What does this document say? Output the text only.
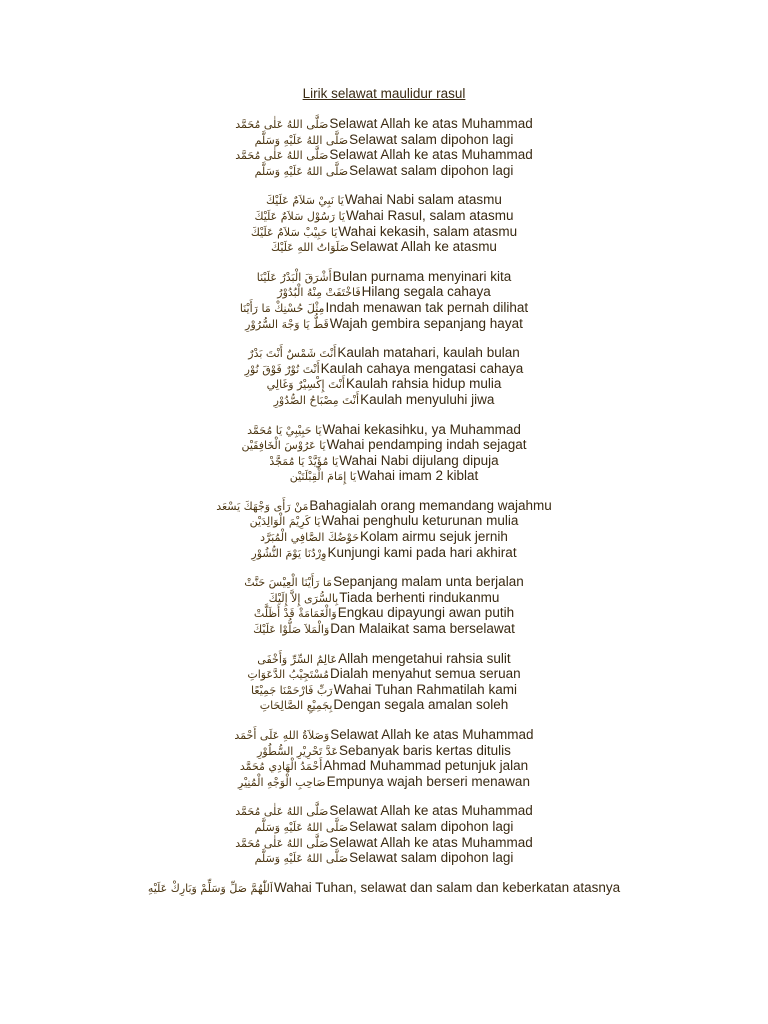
Lirik selawat maulidur rasul
صَلَّى اللهُ عَلٰى مُحَمَّد Selawat Allah ke atas Muhammad
صَلَّى اللهُ عَلَيْهِ وَسَلَّم Selawat salam dipohon lagi
صَلَّى اللهُ عَلٰى مُحَمَّد Selawat Allah ke atas Muhammad
صَلَّى اللهُ عَلَيْهِ وَسَلَّم Selawat salam dipohon lagi
يَا نَبِيْ سَلاَمٌ عَلَيْكَ Wahai Nabi salam atasmu
يَا رَسُوْل سَلاَمٌ عَلَيْكَ Wahai Rasul, salam atasmu
يَا حَبِيْبْ سَلاَمٌ عَلَيْكَ Wahai kekasih, salam atasmu
صَلَوَاتُ اللهِ عَلَيْكَ Selawat Allah ke atasmu
أَشْرَقَ الْبَدْرُ عَلَيْنَا Bulan purnama menyinari kita
فَاخْتَفَتْ مِنْهُ الْبُدُوْرُ Hilang segala cahaya
مِثْلَ حُسْنِكْ مَا رَأَيْنَا Indah menawan tak pernah dilihat
قَطُّ يَا وَجْهَ السُّرُوْرِ Wajah gembira sepanjang hayat
أَنْتَ شَمْسٌ أَنْتَ بَدْرٌ Kaulah matahari, kaulah bulan
أَنْتَ نُوْرٌ فَوْقَ نُوْرِ Kaulah cahaya mengatasi cahaya
أَنْتَ إِكْسِيْرٌ وَغَالِي Kaulah rahsia hidup mulia
أَنْتَ مِصْبَاحُ الصُّدُوْرِ Kaulah menyuluhi jiwa
يَا حَبِيْبِيْ يَا مُحَمَّد Wahai kekasihku, ya Muhammad
يَا عَرُوْسَ الْخَافِقَيْن Wahai pendamping indah sejagat
يَا مُؤَيَّدْ يَا مُمَجَّدْ Wahai Nabi dijulang dipuja
يَا إِمَامَ الْقِبْلَتَيْن Wahai imam 2 kiblat
مَنْ رَأَى وَجْهَكَ يَسْعَد Bahagialah orang memandang wajahmu
يَا كَرِيْمَ الْوَالِدَيْن Wahai penghulu keturunan mulia
حَوْضُكَ الصَّافِي الْمُبَرَّد Kolam airmu sejuk jernih
وِرْدُنَا يَوْمَ النُّشُوْرِ Kunjungi kami pada hari akhirat
مَا رَأَيْنَا الْعِيْسَ حَنَّتْ Sepanjang malam unta berjalan
بِالسُّرَى إِلاَّ إِلَيْكَ Tiada berhenti rindukanmu
وَالْغَمَامَةْ قَدْ أَظَلَّتْ Engkau dipayungi awan putih
وَالْمَلاَ صَلُّوْا عَلَيْكَ Dan Malaikat sama berselawat
عَالِمُ السِّرِّ وَأَخْفَى Allah mengetahui rahsia sulit
مُسْتَجِيْبُ الدَّعَوَاتِ Dialah menyahut semua seruan
رَبِّ فَارْحَمْنَا جَمِيْعًا Wahai Tuhan Rahmatilah kami
بِجَمِيْعِ الصَّالِحَاتِ Dengan segala amalan soleh
وَصَلاَةُ اللهِ عَلَى أَحْمَد Selawat Allah ke atas Muhammad
عَدَّ تَحْرِيْرِ السُّطُوْرِ Sebanyak baris kertas ditulis
أَحْمَدُ الْهَادِي مُحَمَّد Ahmad Muhammad petunjuk jalan
صَاحِبِ الْوَجْهِ الْمُنِيْرِ Empunya wajah berseri menawan
صَلَّى اللهُ عَلٰى مُحَمَّد Selawat Allah ke atas Muhammad
صَلَّى اللهُ عَلَيْهِ وَسَلَّم Selawat salam dipohon lagi
صَلَّى اللهُ عَلٰى مُحَمَّد Selawat Allah ke atas Muhammad
صَلَّى اللهُ عَلَيْهِ وَسَلَّم Selawat salam dipohon lagi
اَللّٰهُمَّ صَلِّ وَسَلِّمْ وَبَارِكْ عَلَيْهِ Wahai Tuhan, selawat dan salam dan keberkatan atasnya
